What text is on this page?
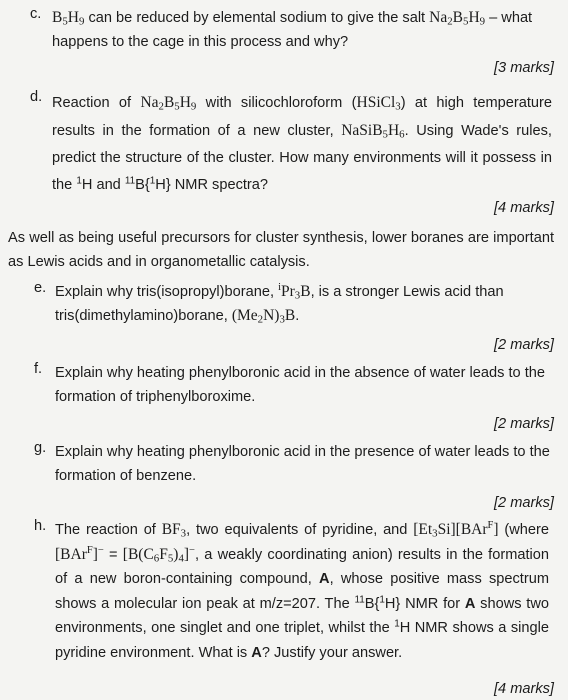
c. $B_5H_9$ can be reduced by elemental sodium to give the salt $Na_2B_5H_9$ – what happens to the cage in this process and why?
[3 marks]
d. Reaction of $Na_2B_5H_9$ with silicochloroform (HSiCl$_3$) at high temperature results in the formation of a new cluster, $NaSiB_5H_6$. Using Wade's rules, predict the structure of the cluster. How many environments will it possess in the $^1$H and $^{11}$B{$^1$H} NMR spectra?
[4 marks]
As well as being useful precursors for cluster synthesis, lower boranes are important as Lewis acids and in organometallic catalysis.
e. Explain why tris(isopropyl)borane, $^iPr_3B$, is a stronger Lewis acid than tris(dimethylamino)borane, $(Me_2N)_3B$.
[2 marks]
f. Explain why heating phenylboronic acid in the absence of water leads to the formation of triphenylboroxime.
[2 marks]
g. Explain why heating phenylboronic acid in the presence of water leads to the formation of benzene.
[2 marks]
h. The reaction of $BF_3$, two equivalents of pyridine, and $[Et_3Si][BAr^F]$ (where $[BAr^F]^- = [B(C_6F_5)_4]^-$, a weakly coordinating anion) results in the formation of a new boron-containing compound, A, whose positive mass spectrum shows a molecular ion peak at m/z=207. The $^{11}$B{$^1$H} NMR for A shows two environments, one singlet and one triplet, whilst the $^1$H NMR shows a single pyridine environment. What is A? Justify your answer.
[4 marks]
